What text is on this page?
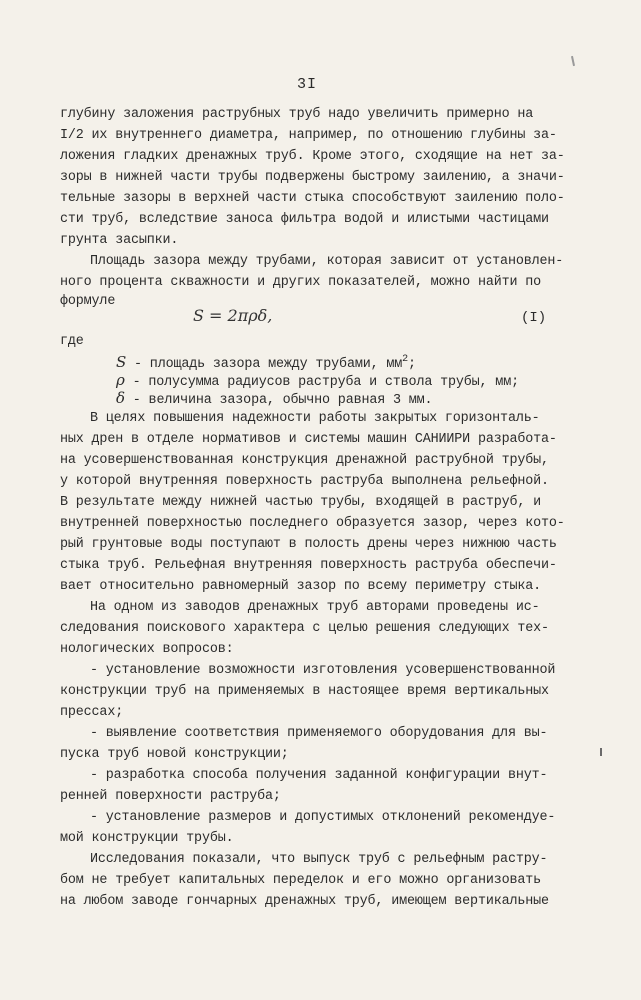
3I
глубину заложения раструбных труб надо увеличить примерно на
I/2 их внутреннего диаметра, например, по отношению глубины за-
ложения гладких дренажных труб. Кроме этого, сходящие на нет за-
зоры в нижней части трубы подвержены быстрому заилению, а значи-
тельные зазоры в верхней части стыка способствуют заилению поло-
сти труб, вследствие заноса фильтра водой и илистыми частицами
грунта засыпки.
Площадь зазора между трубами, которая зависит от установлен-
ного процента скважности и других показателей, можно найти по
формуле
S = 2πρδ,	(I)
где
S - площадь зазора между трубами, $мм^2$;
ρ - полусумма радиусов раструба и ствола трубы, мм;
δ - величина зазора, обычно равная 3 мм.
В целях повышения надежности работы закрытых горизонталь-
ных дрен в отделе нормативов и системы машин САНИИРИ разработа-
на усовершенствованная конструкция дренажной раструбной трубы,
у которой внутренняя поверхность раструба выполнена рельефной.
В результате между нижней частью трубы, входящей в раструб, и
внутренней поверхностью последнего образуется зазор, через кото-
рый грунтовые воды поступают в полость дрены через нижнюю часть
стыка труб. Рельефная внутренняя поверхность раструба обеспечи-
вает относительно равномерный зазор по всему периметру стыка.
На одном из заводов дренажных труб авторами проведены ис-
следования поискового характера с целью решения следующих тех-
нологических вопросов:
- установление возможности изготовления усовершенствованной
конструкции труб на применяемых в настоящее время вертикальных
прессах;
- выявление соответствия применяемого оборудования для вы-
пуска труб новой конструкции;
- разработка способа получения заданной конфигурации внут-
ренней поверхности раструба;
- установление размеров и допустимых отклонений рекомендуе-
мой конструкции трубы.
Исследования показали, что выпуск труб с рельефным растру-
бом не требует капитальных переделок и его можно организовать
на любом заводе гончарных дренажных труб, имеющем вертикальные
